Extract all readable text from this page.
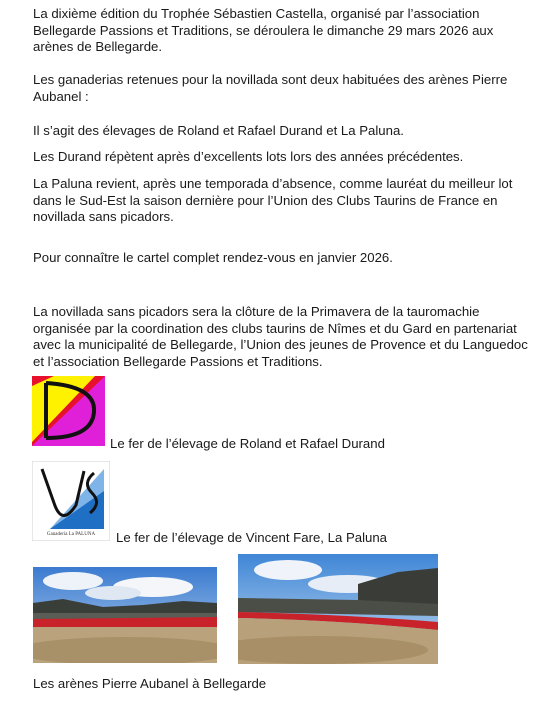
La dixième édition du Trophée Sébastien Castella, organisé par l’association Bellegarde Passions et Traditions, se déroulera le dimanche 29 mars 2026 aux arènes de Bellegarde.

Les ganaderias retenues pour la novillada sont deux habituées des arènes Pierre Aubanel :

Il s’agit des élevages de Roland et Rafael Durand et La Paluna.

Les Durand répètent après d’excellents lots lors des années précédentes.

La Paluna revient, après une temporada d’absence, comme lauréat du meilleur lot dans le Sud-Est la saison dernière pour l’Union des Clubs Taurins de France en novillada sans picadors.

Pour connaître le cartel complet rendez-vous en janvier 2026.

La novillada sans picadors sera la clôture de la Primavera de la tauromachie organisée par la coordination des clubs taurins de Nîmes et du Gard en partenariat avec la municipalité de Bellegarde, l’Union des jeunes de Provence et du Languedoc et l’association Bellegarde Passions et Traditions.

Le fer de l’élevage de Roland et Rafael Durand

Ganaderia La PALUNA	Le fer de l’élevage de Vincent Fare, La Paluna

Les arènes Pierre Aubanel à Bellegarde
